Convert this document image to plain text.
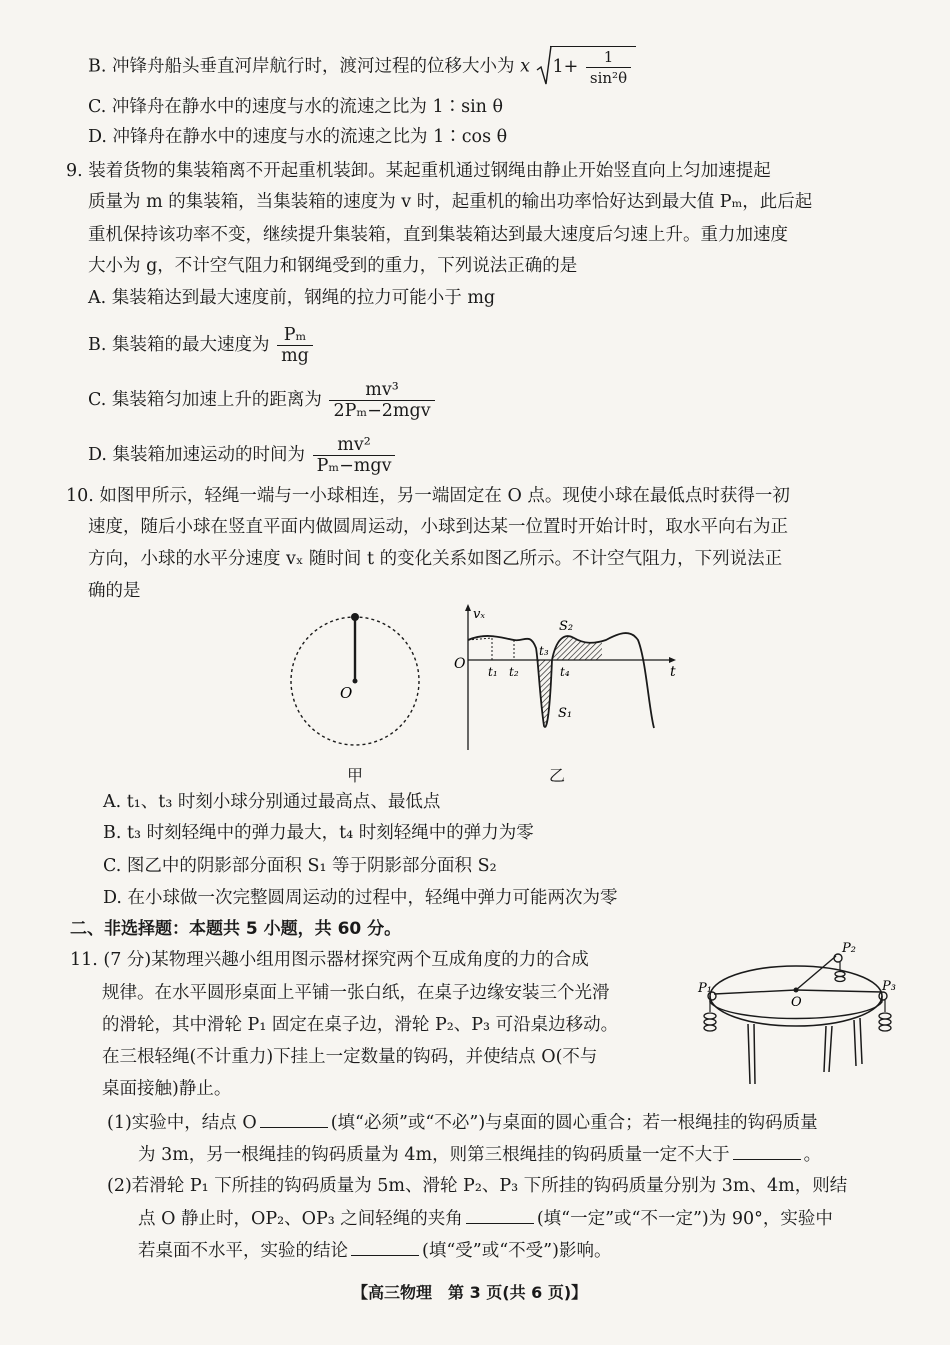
B. 冲锋舟船头垂直河岸航行时，渡河过程的位移大小为 x $1+ \frac{1}{\text{sin²θ}}$
C. 冲锋舟在静水中的速度与水的流速之比为 1∶sin θ
D. 冲锋舟在静水中的速度与水的流速之比为 1∶cos θ
9. 装着货物的集装箱离不开起重机装卸。某起重机通过钢绳由静止开始竖直向上匀加速提起
质量为 m 的集装箱，当集装箱的速度为 v 时，起重机的输出功率恰好达到最大值 Pₘ，此后起
重机保持该功率不变，继续提升集装箱，直到集装箱达到最大速度后匀速上升。重力加速度
大小为 g，不计空气阻力和钢绳受到的重力，下列说法正确的是
A. 集装箱达到最大速度前，钢绳的拉力可能小于 mg
B. 集装箱的最大速度为 $\frac{\text{Pₘ}}{mg}$
C. 集装箱匀加速上升的距离为 $\frac{\text{mv³}}{\text{2Pₘ−2mgv}}$
D. 集装箱加速运动的时间为 $\frac{\text{mv²}}{\text{Pₘ−mgv}}$
10. 如图甲所示，轻绳一端与一小球相连，另一端固定在 O 点。现使小球在最低点时获得一初
速度，随后小球在竖直平面内做圆周运动，小球到达某一位置时开始计时，取水平向右为正
方向，小球的水平分速度 vₓ 随时间 t 的变化关系如图乙所示。不计空气阻力，下列说法正
确的是
O
甲
vₓ
O	t
t₁ t₂
t₃
t₄
S₂
S₁
乙
A. t₁、t₃ 时刻小球分别通过最高点、最低点
B. t₃ 时刻轻绳中的弹力最大，t₄ 时刻轻绳中的弹力为零
C. 图乙中的阴影部分面积 S₁ 等于阴影部分面积 S₂
D. 在小球做一次完整圆周运动的过程中，轻绳中弹力可能两次为零
二、非选择题：本题共 5 小题，共 60 分。
11. (7 分)某物理兴趣小组用图示器材探究两个互成角度的力的合成
规律。在水平圆形桌面上平铺一张白纸，在桌子边缘安装三个光滑
的滑轮，其中滑轮 P₁ 固定在桌子边，滑轮 P₂、P₃ 可沿桌边移动。
在三根轻绳(不计重力)下挂上一定数量的钩码，并使结点 O(不与
桌面接触)静止。
P₁
P₂
P₃
O
(1)实验中，结点 O	(填“必须”或“不必”)与桌面的圆心重合；若一根绳挂的钩码质量
为 3m，另一根绳挂的钩码质量为 4m，则第三根绳挂的钩码质量一定不大于	。
(2)若滑轮 P₁ 下所挂的钩码质量为 5m、滑轮 P₂、P₃ 下所挂的钩码质量分别为 3m、4m，则结
点 O 静止时，OP₂、OP₃ 之间轻绳的夹角	(填“一定”或“不一定”)为 90°，实验中
若桌面不水平，实验的结论	(填“受”或“不受”)影响。
【高三物理　第 3 页(共 6 页)】
